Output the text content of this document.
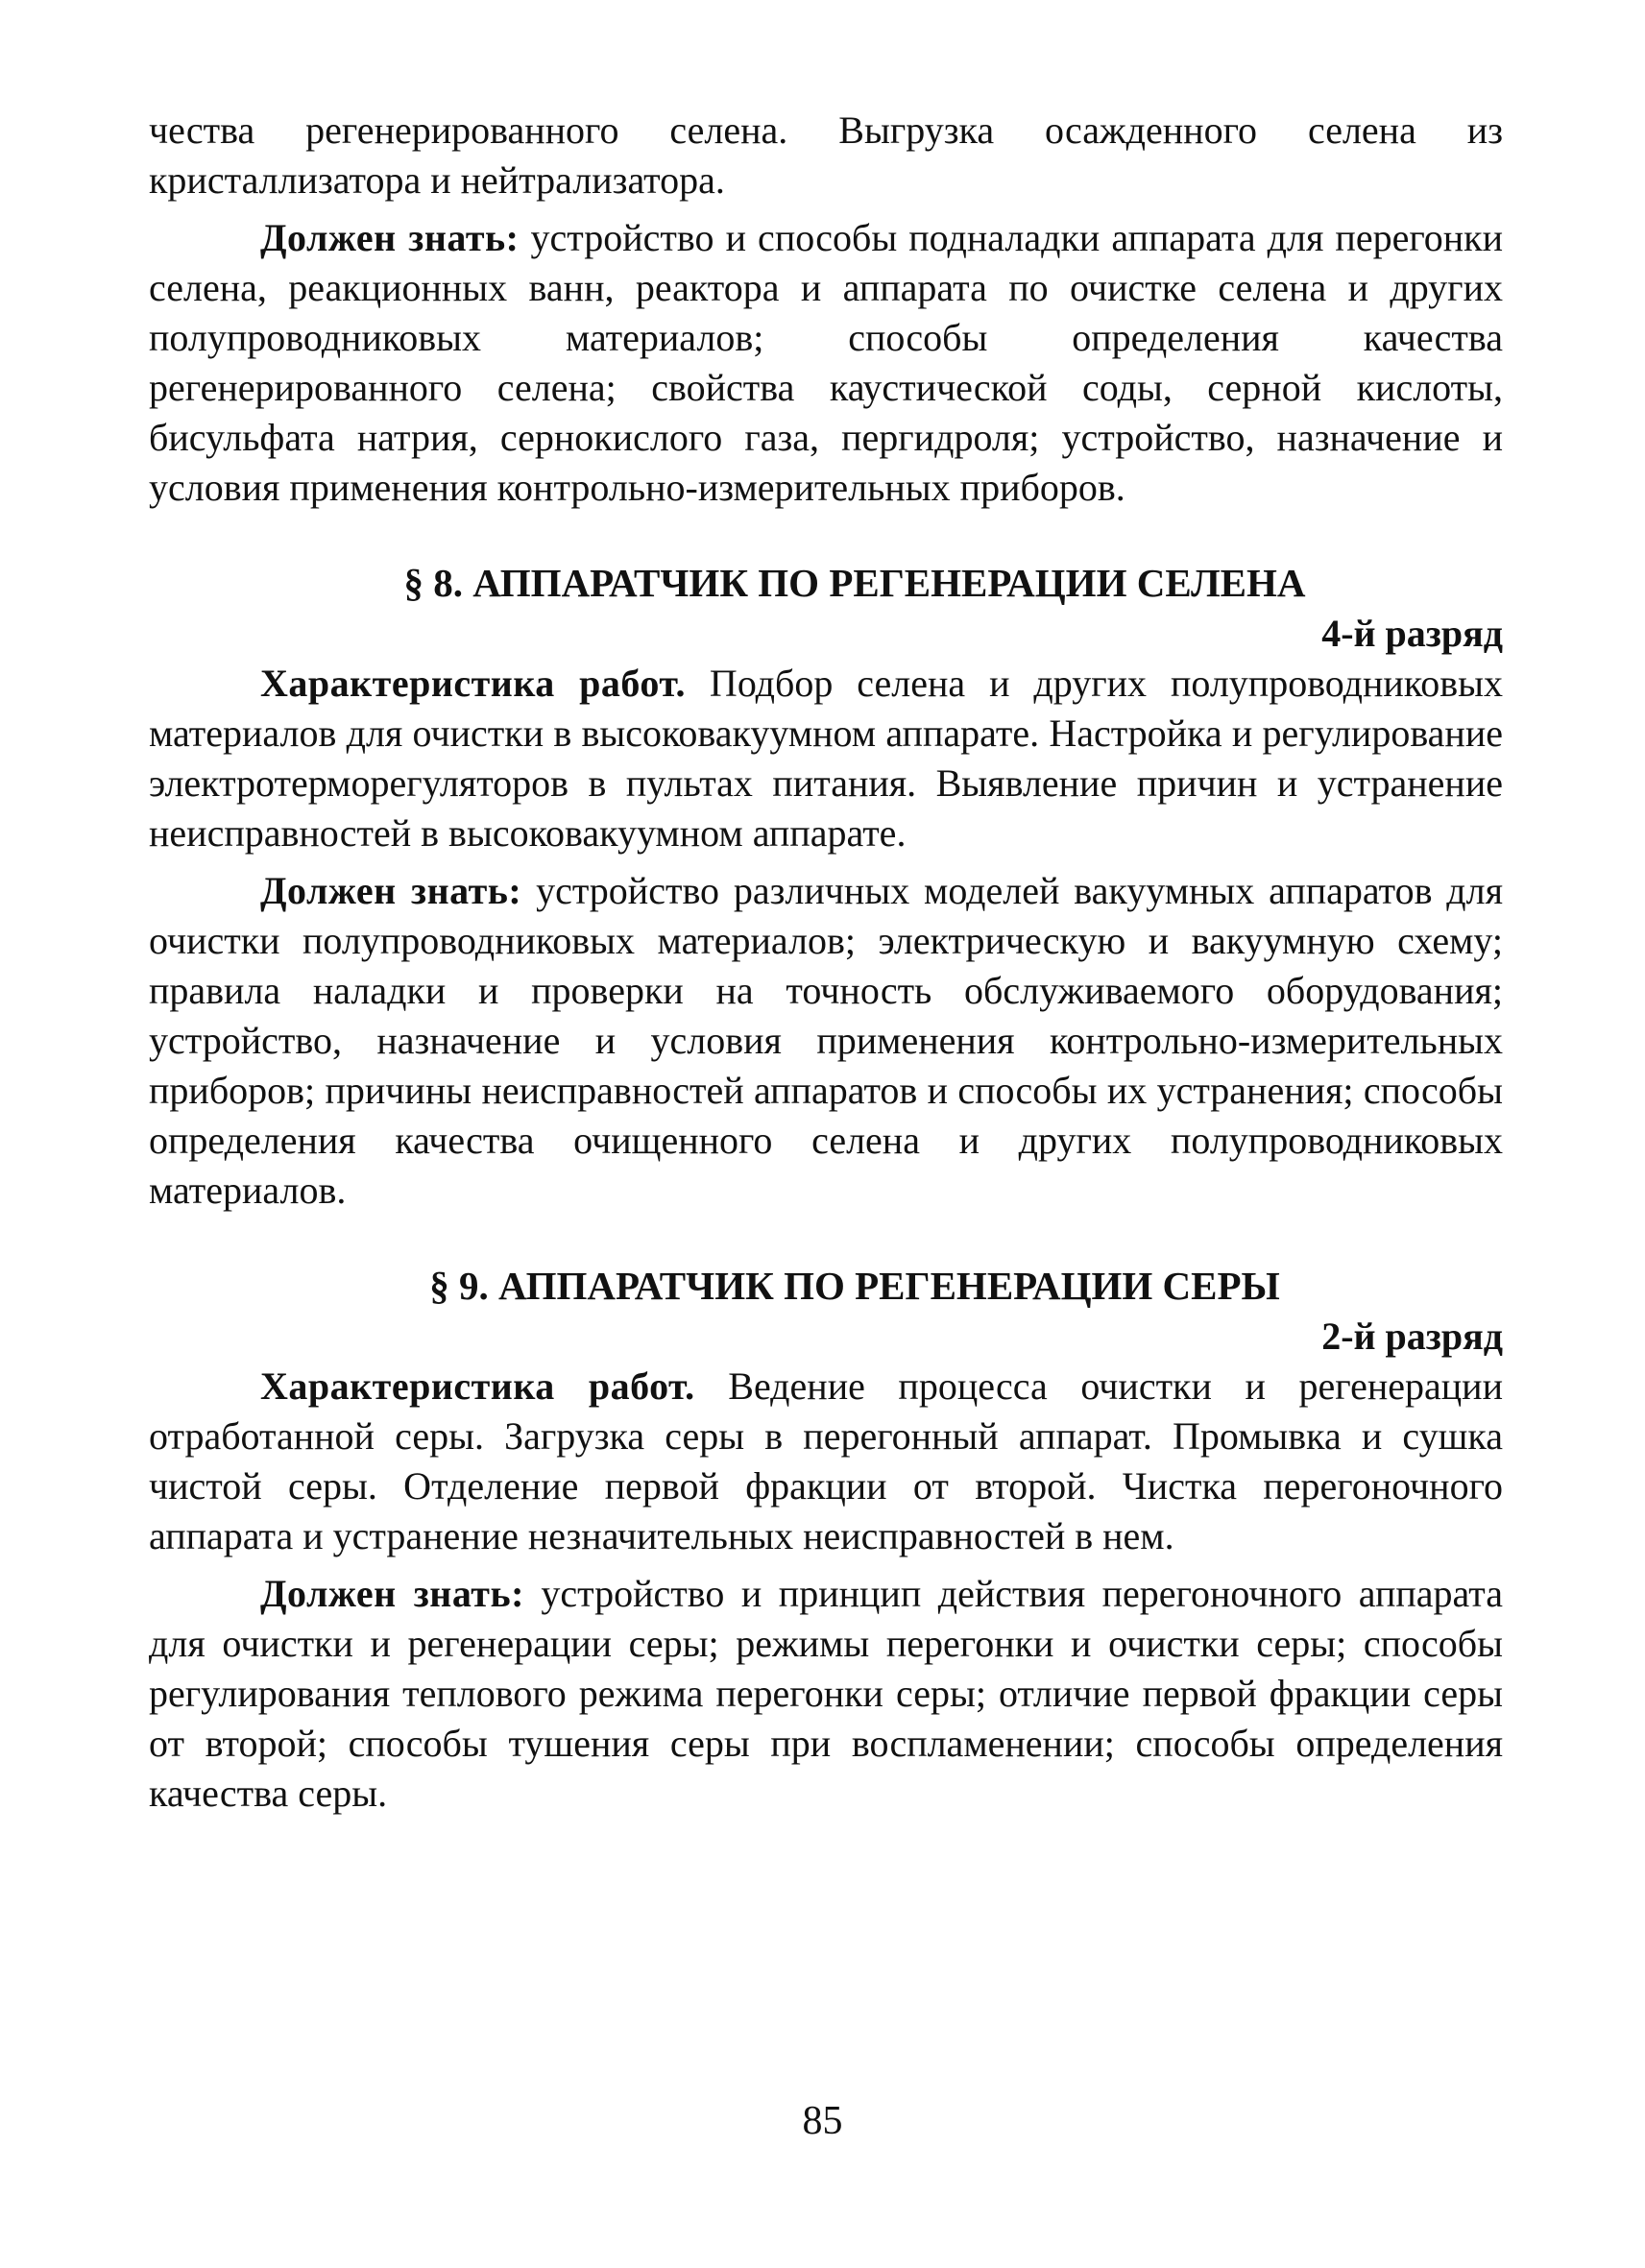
чества регенерированного селена. Выгрузка осажденного селена из кристаллизатора и нейтрализатора.

Должен знать: устройство и способы подналадки аппарата для перегонки селена, реакционных ванн, реактора и аппарата по очистке селена и других полупроводниковых материалов; способы определения качества регенерированного селена; свойства каустической соды, серной кислоты, бисульфата натрия, сернокислого газа, пергидроля; устройство, назначение и условия применения контрольно-измерительных приборов.

§ 8. АППАРАТЧИК ПО РЕГЕНЕРАЦИИ СЕЛЕНА
4-й разряд

Характеристика работ. Подбор селена и других полупроводниковых материалов для очистки в высоковакуумном аппарате. Настройка и регулирование электротерморегуляторов в пультах питания. Выявление причин и устранение неисправностей в высоковакуумном аппарате.

Должен знать: устройство различных моделей вакуумных аппаратов для очистки полупроводниковых материалов; электрическую и вакуумную схему; правила наладки и проверки на точность обслуживаемого оборудования; устройство, назначение и условия применения контрольно-измерительных приборов; причины неисправностей аппаратов и способы их устранения; способы определения качества очищенного селена и других полупроводниковых материалов.

§ 9. АППАРАТЧИК ПО РЕГЕНЕРАЦИИ СЕРЫ
2-й разряд

Характеристика работ. Ведение процесса очистки и регенерации отработанной серы. Загрузка серы в перегонный аппарат. Промывка и сушка чистой серы. Отделение первой фракции от второй. Чистка перегоночного аппарата и устранение незначительных неисправностей в нем.

Должен знать: устройство и принцип действия перегоночного аппарата для очистки и регенерации серы; режимы перегонки и очистки серы; способы регулирования теплового режима перегонки серы; отличие первой фракции серы от второй; способы тушения серы при воспламенении; способы определения качества серы.

85
